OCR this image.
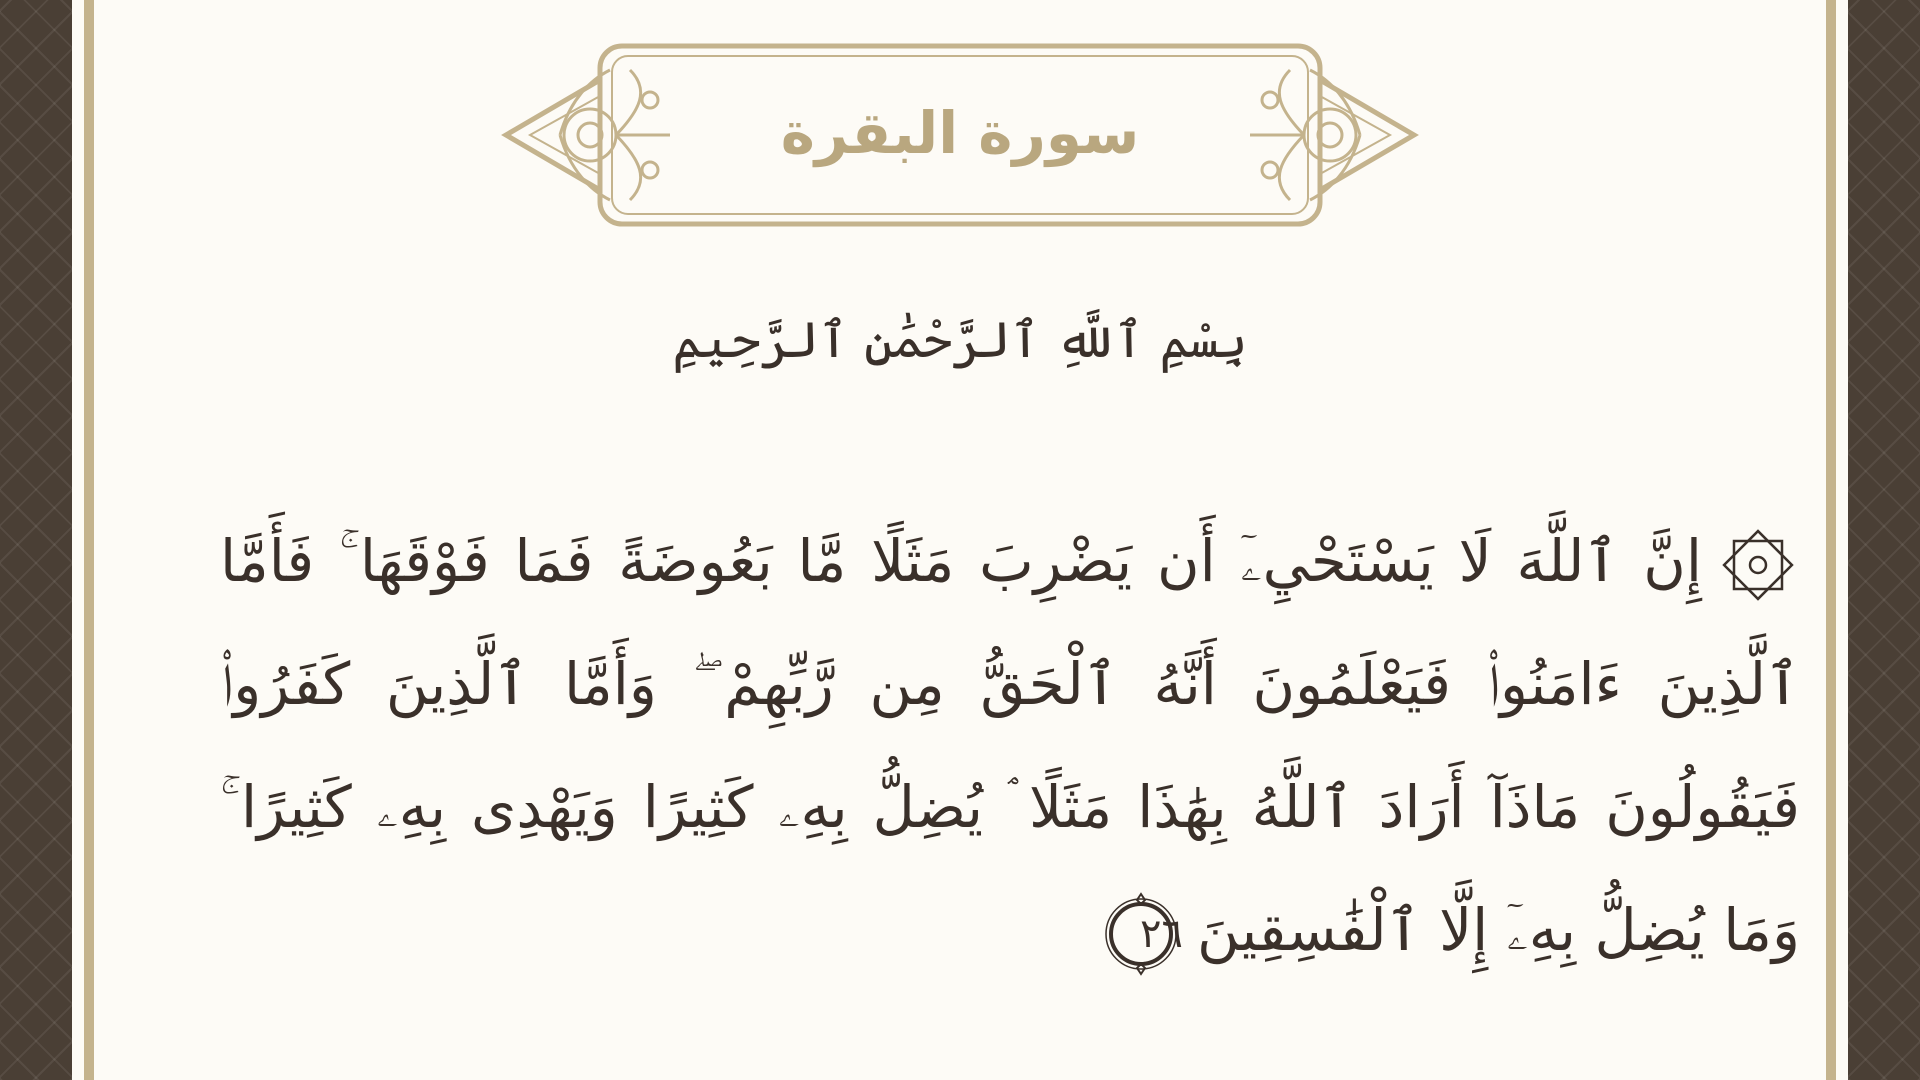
سورة البقرة
بِسْمِ ٱللَّهِ ٱلرَّحْمَٰنِ ٱلرَّحِيمِ
إِنَّ ٱللَّهَ لَا يَسْتَحْيِۦٓ أَن يَضْرِبَ مَثَلًا مَّا بَعُوضَةً فَمَا فَوْقَهَا ۚ فَأَمَّا ٱلَّذِينَ ءَامَنُوا۟ فَيَعْلَمُونَ أَنَّهُ ٱلْحَقُّ مِن رَّبِّهِمْ ۖ وَأَمَّا ٱلَّذِينَ كَفَرُوا۟ فَيَقُولُونَ مَاذَآ أَرَادَ ٱللَّهُ بِهَٰذَا مَثَلًا ۘ يُضِلُّ بِهِۦ كَثِيرًا وَيَهْدِى بِهِۦ كَثِيرًا ۚ وَمَا يُضِلُّ بِهِۦٓ إِلَّا ٱلْفَٰسِقِينَ
٢٦
